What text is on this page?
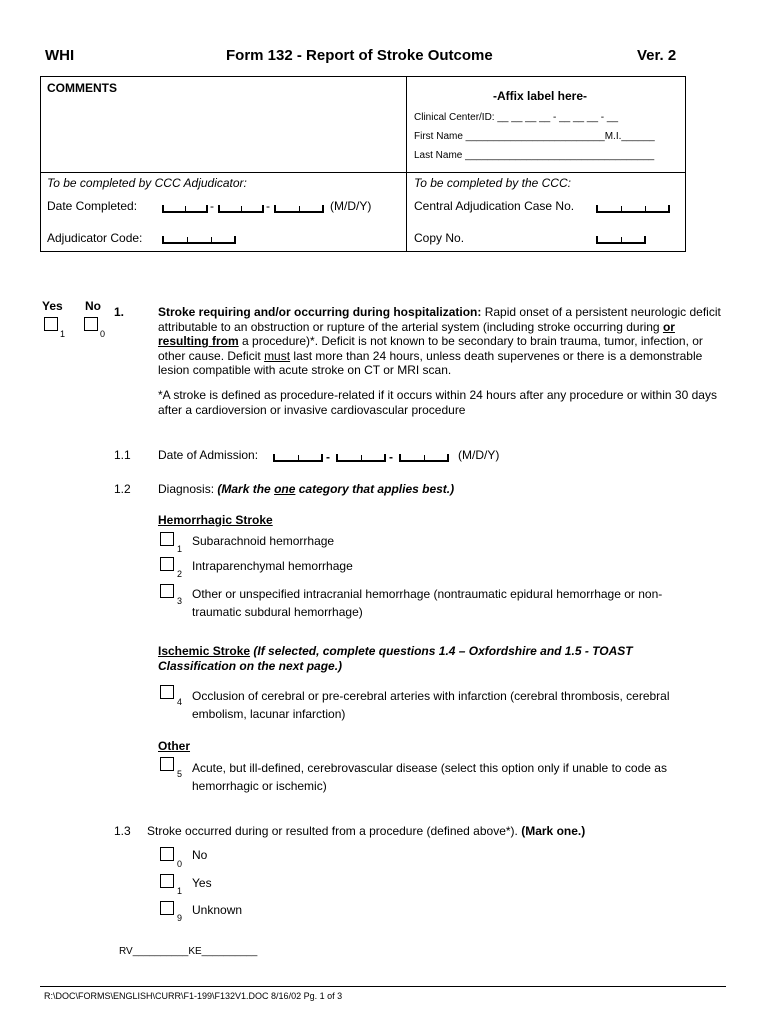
WHI	Form 132 - Report of Stroke Outcome	Ver. 2
COMMENTS
-Affix label here-
Clinical Center/ID: __ __ __ __ - __ __ __ - __
First Name _________________________M.I.______
Last Name __________________________________
To be completed by CCC Adjudicator:
Date Completed:	-	-	(M/D/Y)
Adjudicator Code:
To be completed by the CCC:
Central Adjudication Case No.
Copy No.
Yes No
1	0
1.	Stroke requiring and/or occurring during hospitalization: Rapid onset of a persistent neurologic deficit attributable to an obstruction or rupture of the arterial system (including stroke occurring during or resulting from a procedure)*. Deficit is not known to be secondary to brain trauma, tumor, infection, or other cause. Deficit must last more than 24 hours, unless death supervenes or there is a demonstrable lesion compatible with acute stroke on CT or MRI scan.
*A stroke is defined as procedure-related if it occurs within 24 hours after any procedure or within 30 days after a cardioversion or invasive cardiovascular procedure
1.1 Date of Admission:	-	-	(M/D/Y)
1.2 Diagnosis: (Mark the one category that applies best.)
Hemorrhagic Stroke
1
Subarachnoid hemorrhage
2
Intraparenchymal hemorrhage
3 Other or unspecified intracranial hemorrhage (nontraumatic epidural hemorrhage or non-traumatic subdural hemorrhage)
Ischemic Stroke (If selected, complete questions 1.4 – Oxfordshire and 1.5 - TOAST Classification on the next page.)
4 Occlusion of cerebral or pre-cerebral arteries with infarction (cerebral thrombosis, cerebral embolism, lacunar infarction)
Other
5 Acute, but ill-defined, cerebrovascular disease (select this option only if unable to code as hemorrhagic or ischemic)
1.3 Stroke occurred during or resulted from a procedure (defined above*). (Mark one.)
0
No
1
Yes
9
Unknown
RV__________KE__________
R:\DOC\FORMS\ENGLISH\CURR\F1-199\F132V1.DOC 8/16/02 Pg. 1 of 3
